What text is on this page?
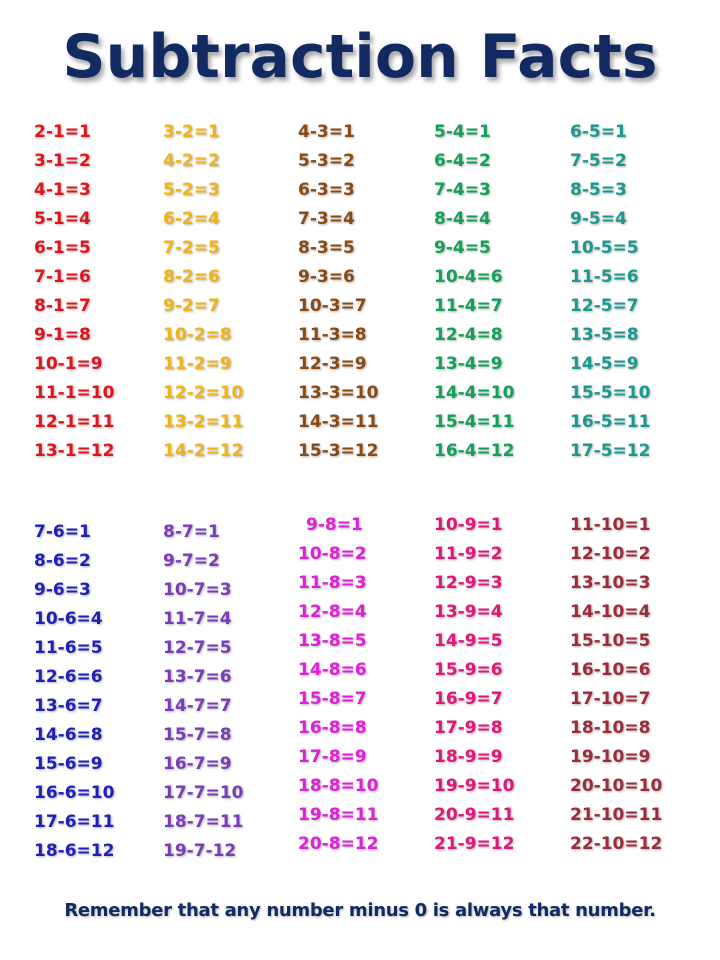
Subtraction Facts
2-1=1
3-1=2
4-1=3
5-1=4
6-1=5
7-1=6
8-1=7
9-1=8
10-1=9
11-1=10
12-1=11
13-1=12
3-2=1
4-2=2
5-2=3
6-2=4
7-2=5
8-2=6
9-2=7
10-2=8
11-2=9
12-2=10
13-2=11
14-2=12
4-3=1
5-3=2
6-3=3
7-3=4
8-3=5
9-3=6
10-3=7
11-3=8
12-3=9
13-3=10
14-3=11
15-3=12
5-4=1
6-4=2
7-4=3
8-4=4
9-4=5
10-4=6
11-4=7
12-4=8
13-4=9
14-4=10
15-4=11
16-4=12
6-5=1
7-5=2
8-5=3
9-5=4
10-5=5
11-5=6
12-5=7
13-5=8
14-5=9
15-5=10
16-5=11
17-5=12
7-6=1
8-6=2
9-6=3
10-6=4
11-6=5
12-6=6
13-6=7
14-6=8
15-6=9
16-6=10
17-6=11
18-6=12
8-7=1
9-7=2
10-7=3
11-7=4
12-7=5
13-7=6
14-7=7
15-7=8
16-7=9
17-7=10
18-7=11
19-7-12
9-8=1
10-8=2
11-8=3
12-8=4
13-8=5
14-8=6
15-8=7
16-8=8
17-8=9
18-8=10
19-8=11
20-8=12
10-9=1
11-9=2
12-9=3
13-9=4
14-9=5
15-9=6
16-9=7
17-9=8
18-9=9
19-9=10
20-9=11
21-9=12
11-10=1
12-10=2
13-10=3
14-10=4
15-10=5
16-10=6
17-10=7
18-10=8
19-10=9
20-10=10
21-10=11
22-10=12
Remember that any number minus 0 is always that number.
